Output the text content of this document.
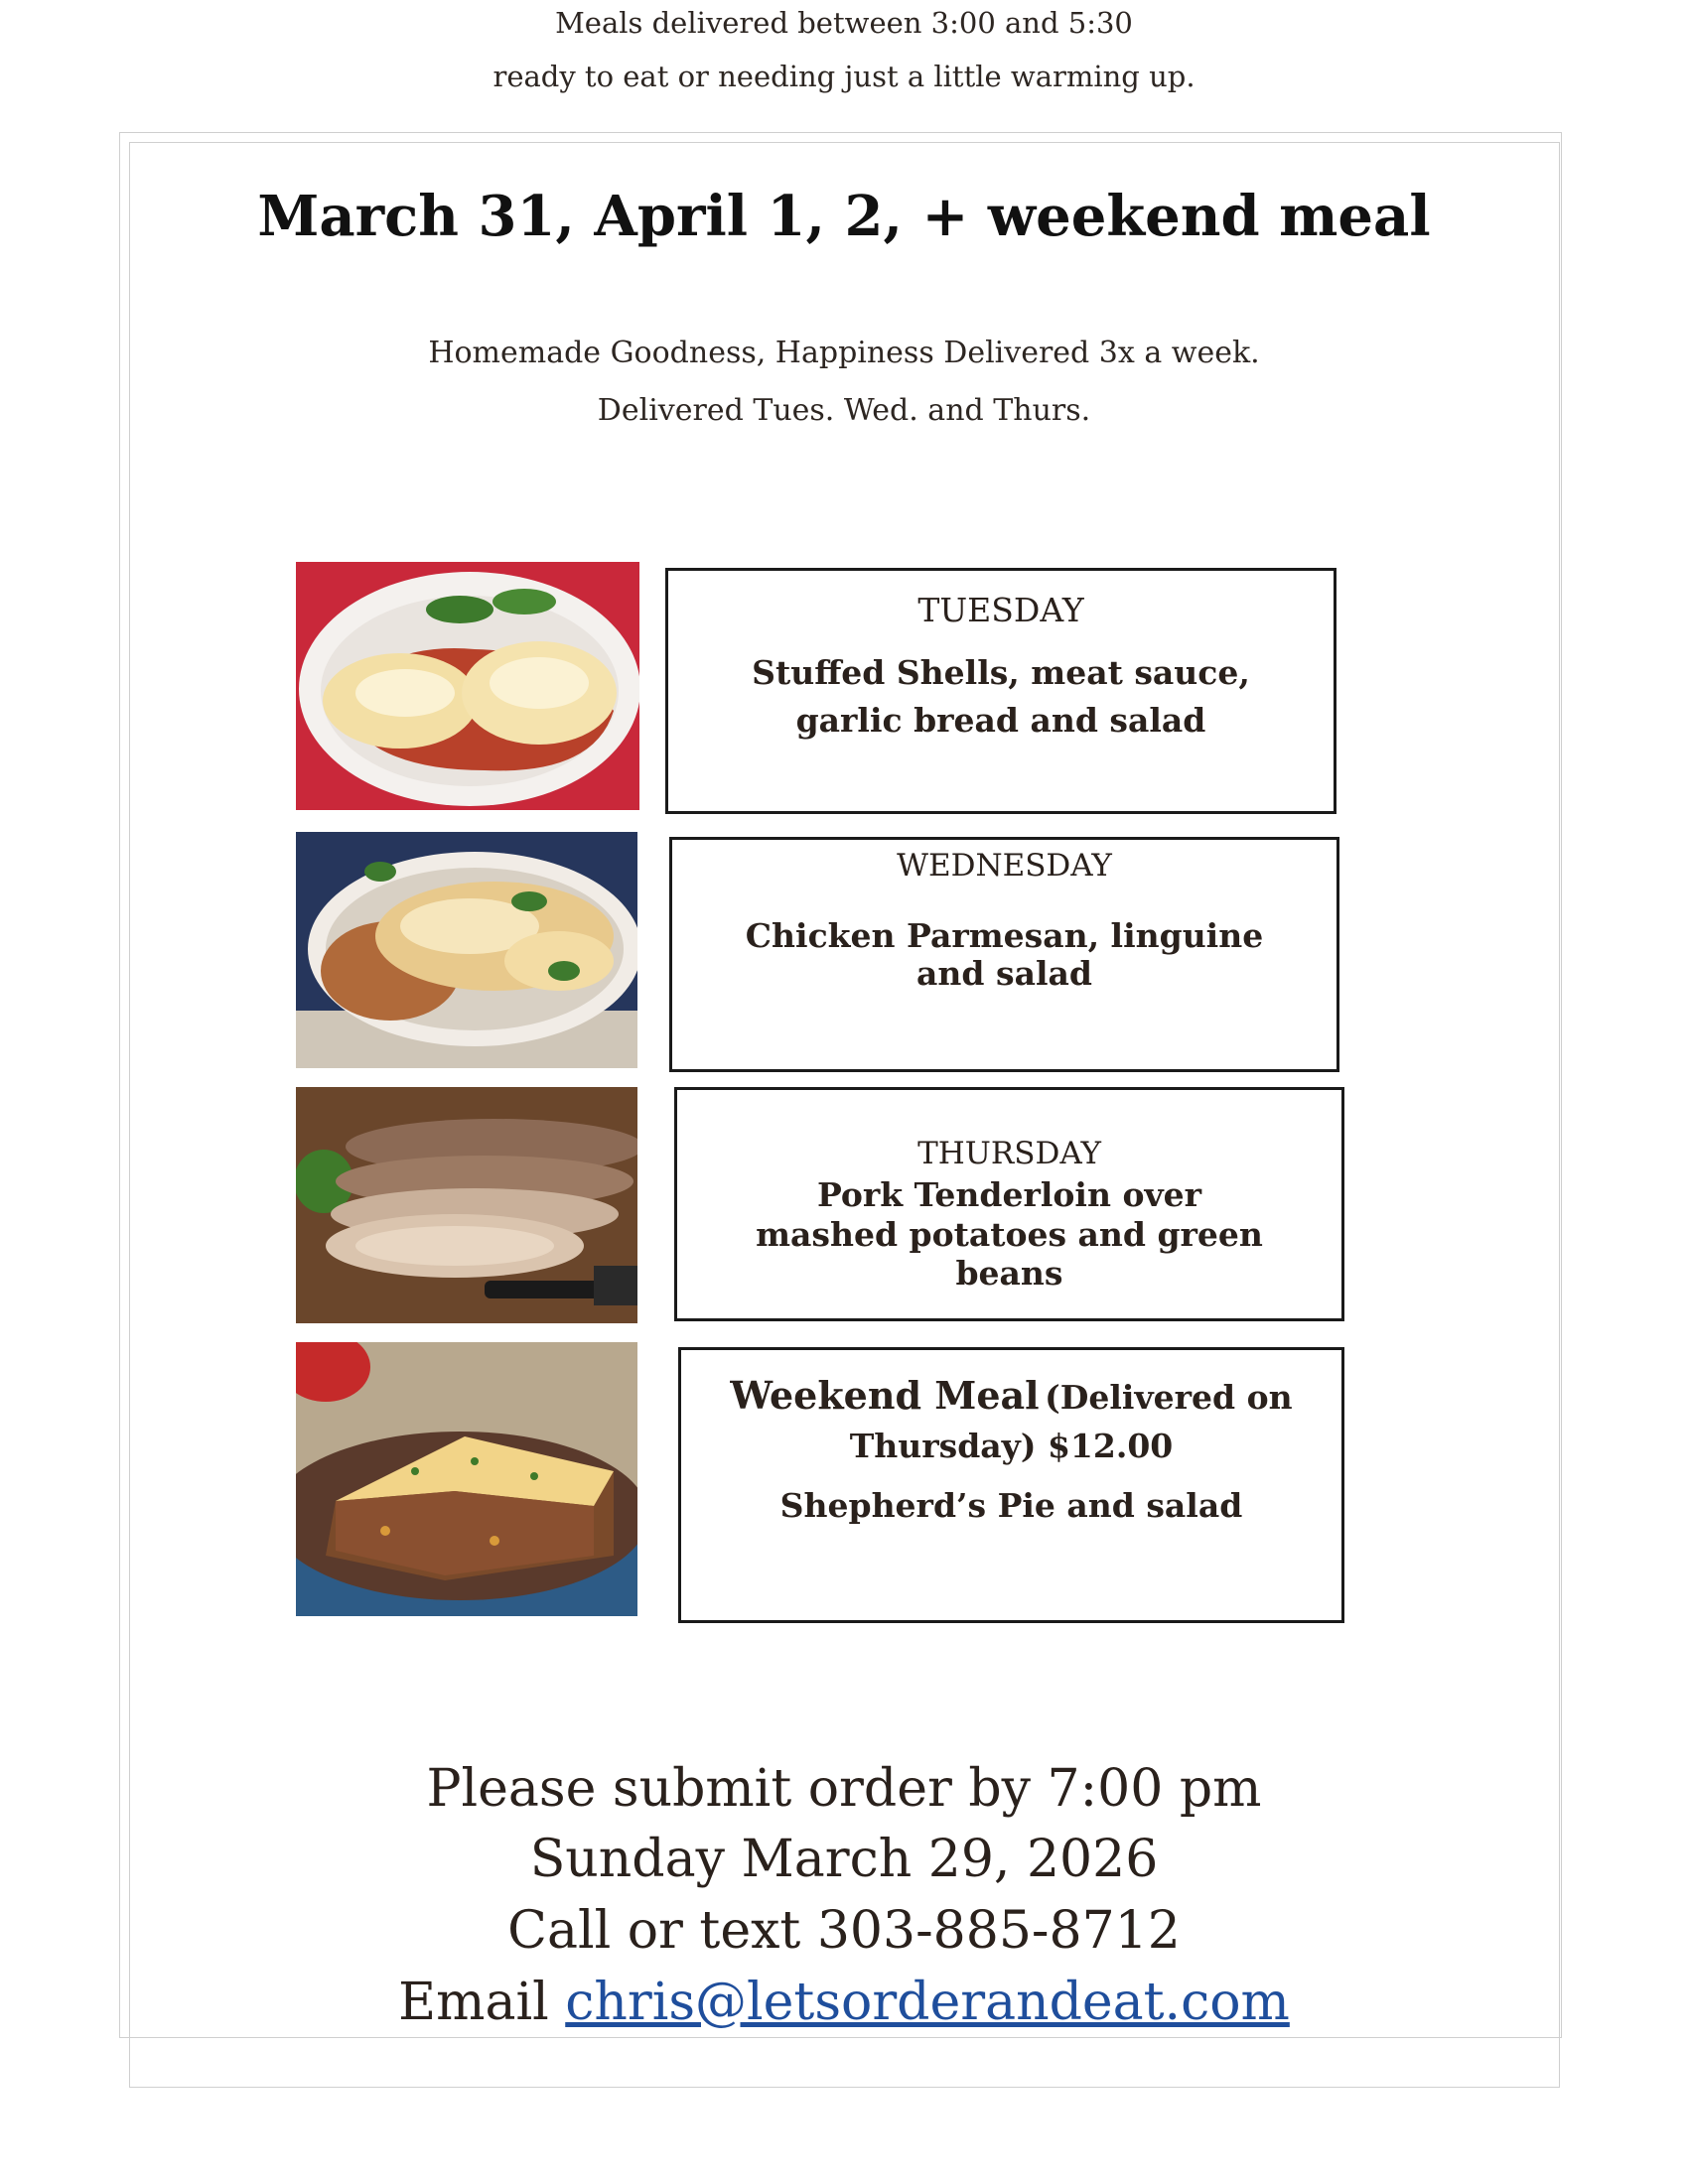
Meals delivered between 3:00 and 5:30
ready to eat or needing just a little warming up.
March 31, April 1, 2, + weekend meal
Homemade Goodness, Happiness Delivered 3x a week.
Delivered Tues. Wed. and Thurs.
TUESDAY
Stuffed Shells, meat sauce, garlic bread and salad
WEDNESDAY
Chicken Parmesan, linguine and salad
THURSDAY
Pork Tenderloin over mashed potatoes and green beans
Weekend Meal (Delivered on Thursday) $12.00
Shepherd’s Pie and salad
Please submit order by 7:00 pm
Sunday March 29, 2026
Call or text 303-885-8712
Email chris@letsorderandeat.com
